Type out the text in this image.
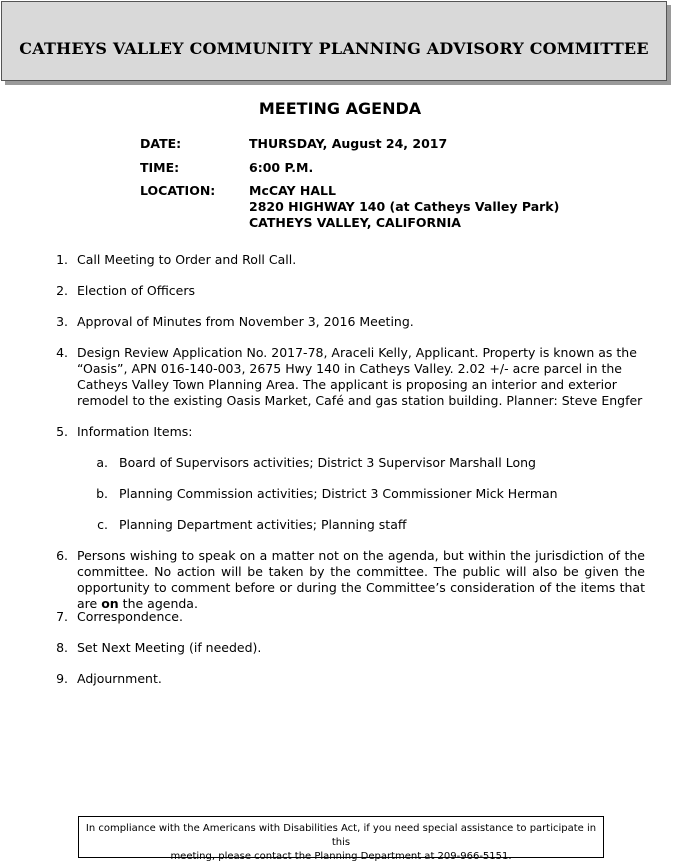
CATHEYS VALLEY COMMUNITY PLANNING ADVISORY COMMITTEE
MEETING AGENDA
DATE:	THURSDAY, August 24, 2017
TIME:	6:00 P.M.
LOCATION:	McCAY HALL
2820 HIGHWAY 140 (at Catheys Valley Park)
CATHEYS VALLEY, CALIFORNIA
1. Call Meeting to Order and Roll Call.
2. Election of Officers
3. Approval of Minutes from November 3, 2016 Meeting.
4. Design Review Application No. 2017-78, Araceli Kelly, Applicant. Property is known as the “Oasis”, APN 016-140-003, 2675 Hwy 140 in Catheys Valley. 2.02 +/- acre parcel in the Catheys Valley Town Planning Area. The applicant is proposing an interior and exterior remodel to the existing Oasis Market, Café and gas station building. Planner: Steve Engfer
5. Information Items:
a. Board of Supervisors activities; District 3 Supervisor Marshall Long
b. Planning Commission activities; District 3 Commissioner Mick Herman
c. Planning Department activities; Planning staff
6. Persons wishing to speak on a matter not on the agenda, but within the jurisdiction of the committee. No action will be taken by the committee. The public will also be given the opportunity to comment before or during the Committee’s consideration of the items that are on the agenda.
7. Correspondence.
8. Set Next Meeting (if needed).
9. Adjournment.
In compliance with the Americans with Disabilities Act, if you need special assistance to participate in this
meeting, please contact the Planning Department at 209-966-5151.
